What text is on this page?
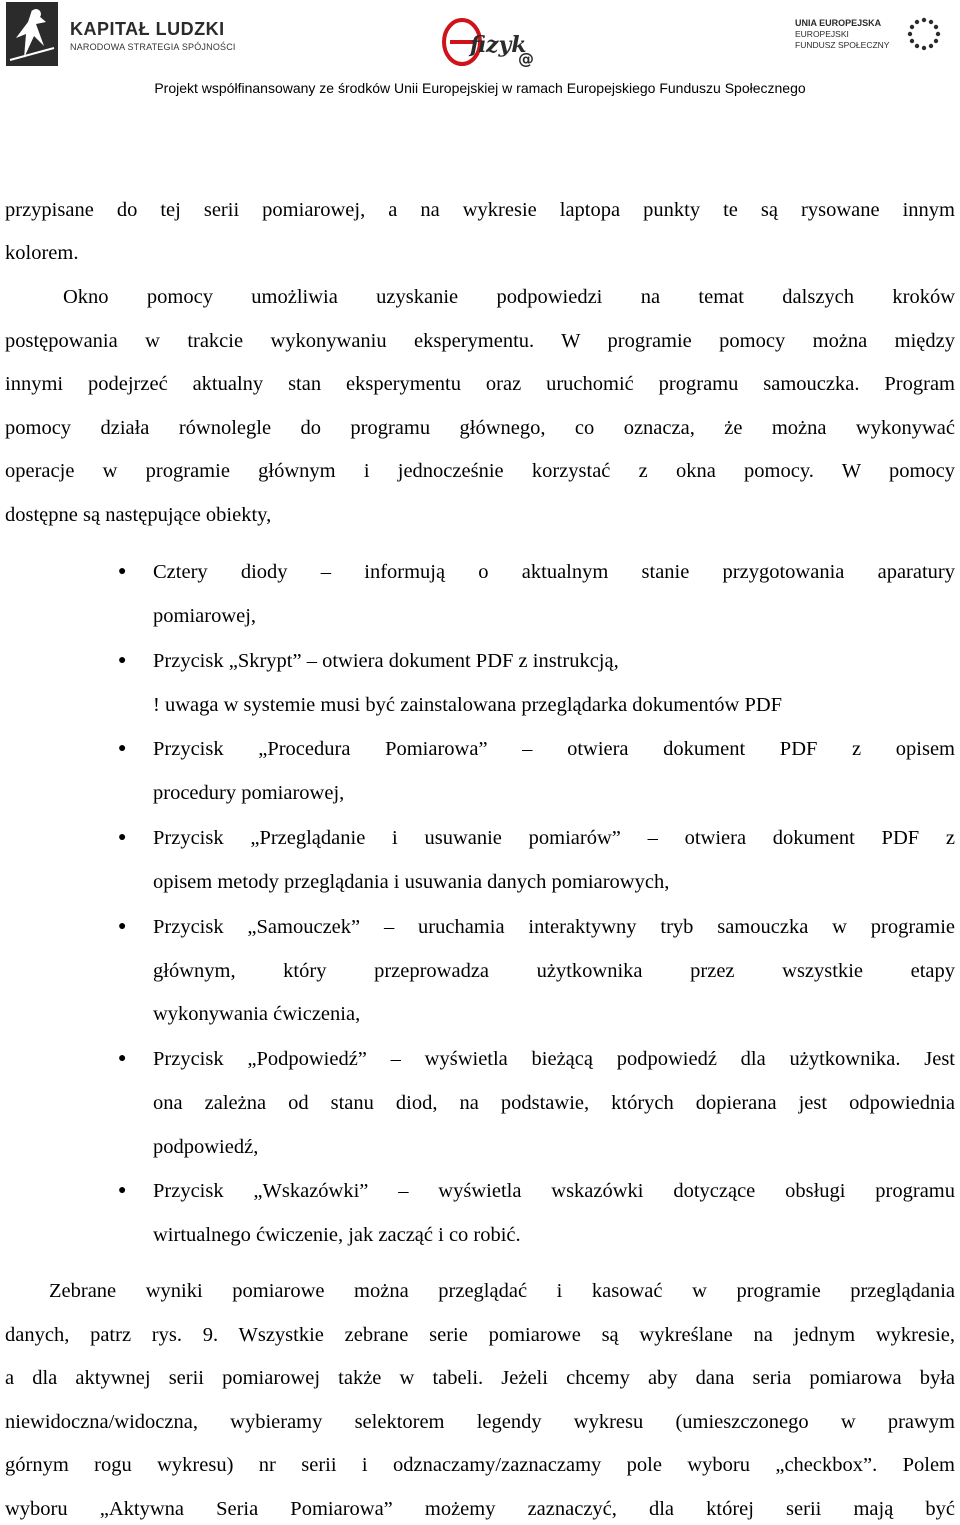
KAPITAŁ LUDZKI
NARODOWA STRATEGIA SPÓJNOŚCI	fizyk
@
UNIA EUROPEJSKA
EUROPEJSKI
FUNDUSZ SPOŁECZNY
Projekt współfinansowany ze środków Unii Europejskiej w ramach Europejskiego Funduszu Społecznego
przypisane do tej serii pomiarowej, a na wykresie laptopa punkty te są rysowane innym
kolorem.
Okno pomocy umożliwia uzyskanie podpowiedzi na temat dalszych kroków
postępowania w trakcie wykonywaniu eksperymentu. W programie pomocy można między
innymi podejrzeć aktualny stan eksperymentu oraz uruchomić programu samouczka. Program
pomocy działa równolegle do programu głównego, co oznacza, że można wykonywać
operacje w programie głównym i jednocześnie korzystać z okna pomocy. W pomocy
dostępne są następujące obiekty,
● Cztery diody – informują o aktualnym stanie przygotowania aparatury
pomiarowej,
● Przycisk „Skrypt” – otwiera dokument PDF z instrukcją,
! uwaga w systemie musi być zainstalowana przeglądarka dokumentów PDF
● Przycisk „Procedura Pomiarowa” – otwiera dokument PDF z opisem
procedury pomiarowej,
● Przycisk „Przeglądanie i usuwanie pomiarów” – otwiera dokument PDF z
opisem metody przeglądania i usuwania danych pomiarowych,
● Przycisk „Samouczek” – uruchamia interaktywny tryb samouczka w programie
głównym, który przeprowadza użytkownika przez wszystkie etapy
wykonywania ćwiczenia,
● Przycisk „Podpowiedź” – wyświetla bieżącą podpowiedź dla użytkownika. Jest
ona zależna od stanu diod, na podstawie, których dopierana jest odpowiednia
podpowiedź,
● Przycisk „Wskazówki” – wyświetla wskazówki dotyczące obsługi programu
wirtualnego ćwiczenie, jak zacząć i co robić.
Zebrane wyniki pomiarowe można przeglądać i kasować w programie przeglądania
danych, patrz rys. 9. Wszystkie zebrane serie pomiarowe są wykreślane na jednym wykresie,
a dla aktywnej serii pomiarowej także w tabeli. Jeżeli chcemy aby dana seria pomiarowa była
niewidoczna/widoczna, wybieramy selektorem legendy wykresu (umieszczonego w prawym
górnym rogu wykresu) nr serii i odznaczamy/zaznaczamy pole wyboru „checkbox”. Polem
wyboru „Aktywna Seria Pomiarowa” możemy zaznaczyć, dla której serii mają być
